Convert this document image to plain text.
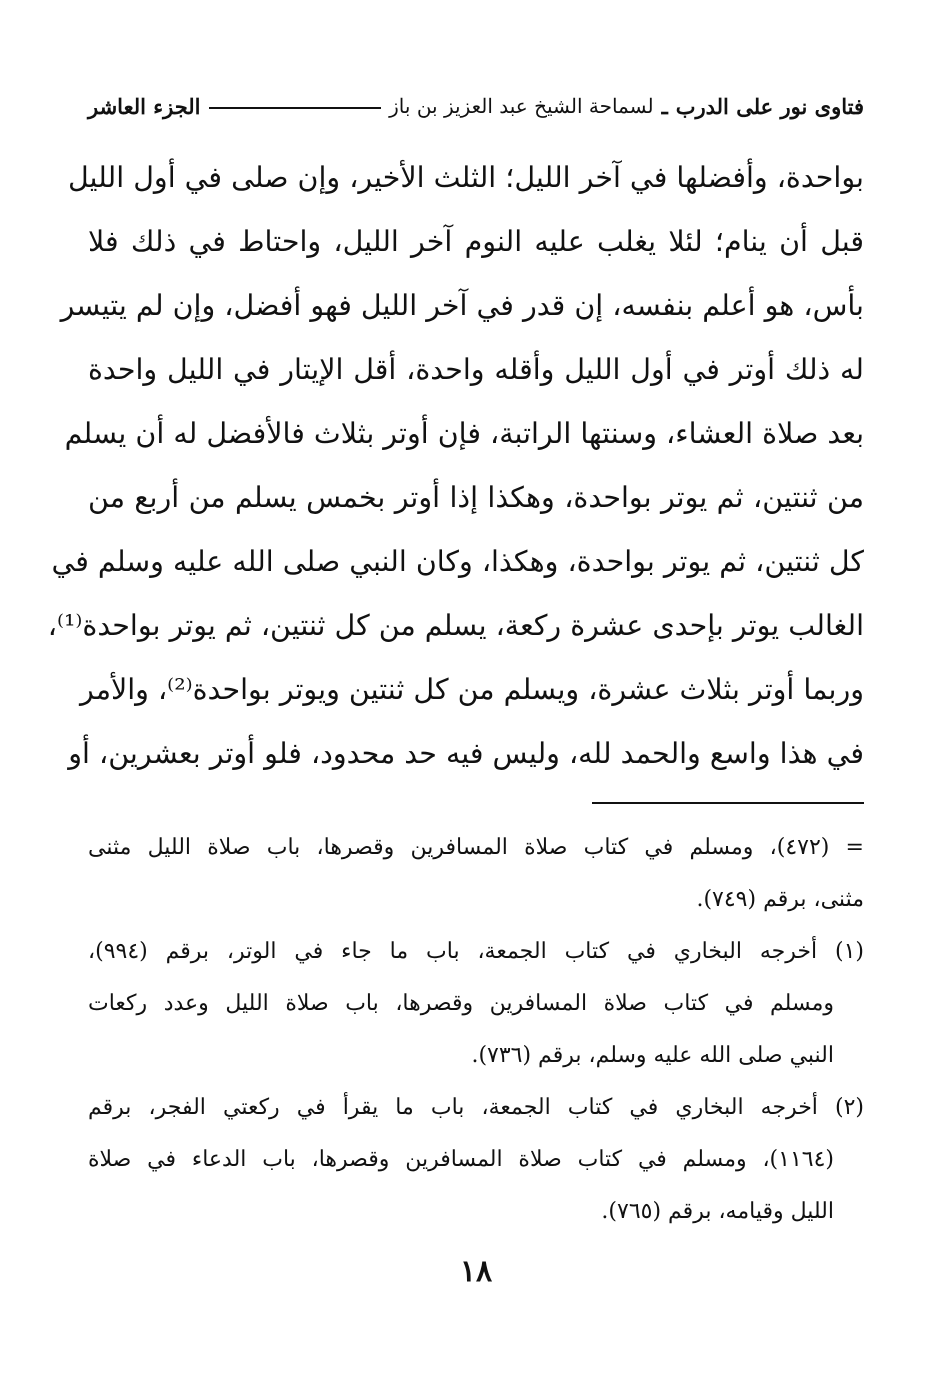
فتاوى نور على الدرب
ـ
لسماحة الشيخ عبد العزيز بن باز
الجزء العاشر
بواحدة، وأفضلها في آخر الليل؛ الثلث الأخير، وإن صلى في أول الليل
قبل أن ينام؛ لئلا يغلب عليه النوم آخر الليل، واحتاط في ذلك فلا
بأس، هو أعلم بنفسه، إن قدر في آخر الليل فهو أفضل، وإن لم يتيسر
له ذلك أوتر في أول الليل وأقله واحدة، أقل الإيتار في الليل واحدة
بعد صلاة العشاء، وسنتها الراتبة، فإن أوتر بثلاث فالأفضل له أن يسلم
من ثنتين، ثم يوتر بواحدة، وهكذا إذا أوتر بخمس يسلم من أربع من
كل ثنتين، ثم يوتر بواحدة، وهكذا، وكان النبي صلى الله عليه وسلم في
الغالب يوتر بإحدى عشرة ركعة، يسلم من كل ثنتين، ثم يوتر بواحدة⁽¹⁾،
وربما أوتر بثلاث عشرة، ويسلم من كل ثنتين ويوتر بواحدة⁽²⁾، والأمر
في هذا واسع والحمد لله، وليس فيه حد محدود، فلو أوتر بعشرين، أو
= (٤٧٢)، ومسلم في كتاب صلاة المسافرين وقصرها، باب صلاة الليل مثنى
مثنى، برقم (٧٤٩).
(١) أخرجه البخاري في كتاب الجمعة، باب ما جاء في الوتر، برقم (٩٩٤)،
ومسلم في كتاب صلاة المسافرين وقصرها، باب صلاة الليل وعدد ركعات
النبي صلى الله عليه وسلم، برقم (٧٣٦).
(٢) أخرجه البخاري في كتاب الجمعة، باب ما يقرأ في ركعتي الفجر، برقم
(١١٦٤)، ومسلم في كتاب صلاة المسافرين وقصرها، باب الدعاء في صلاة
الليل وقيامه، برقم (٧٦٥).
١٨
